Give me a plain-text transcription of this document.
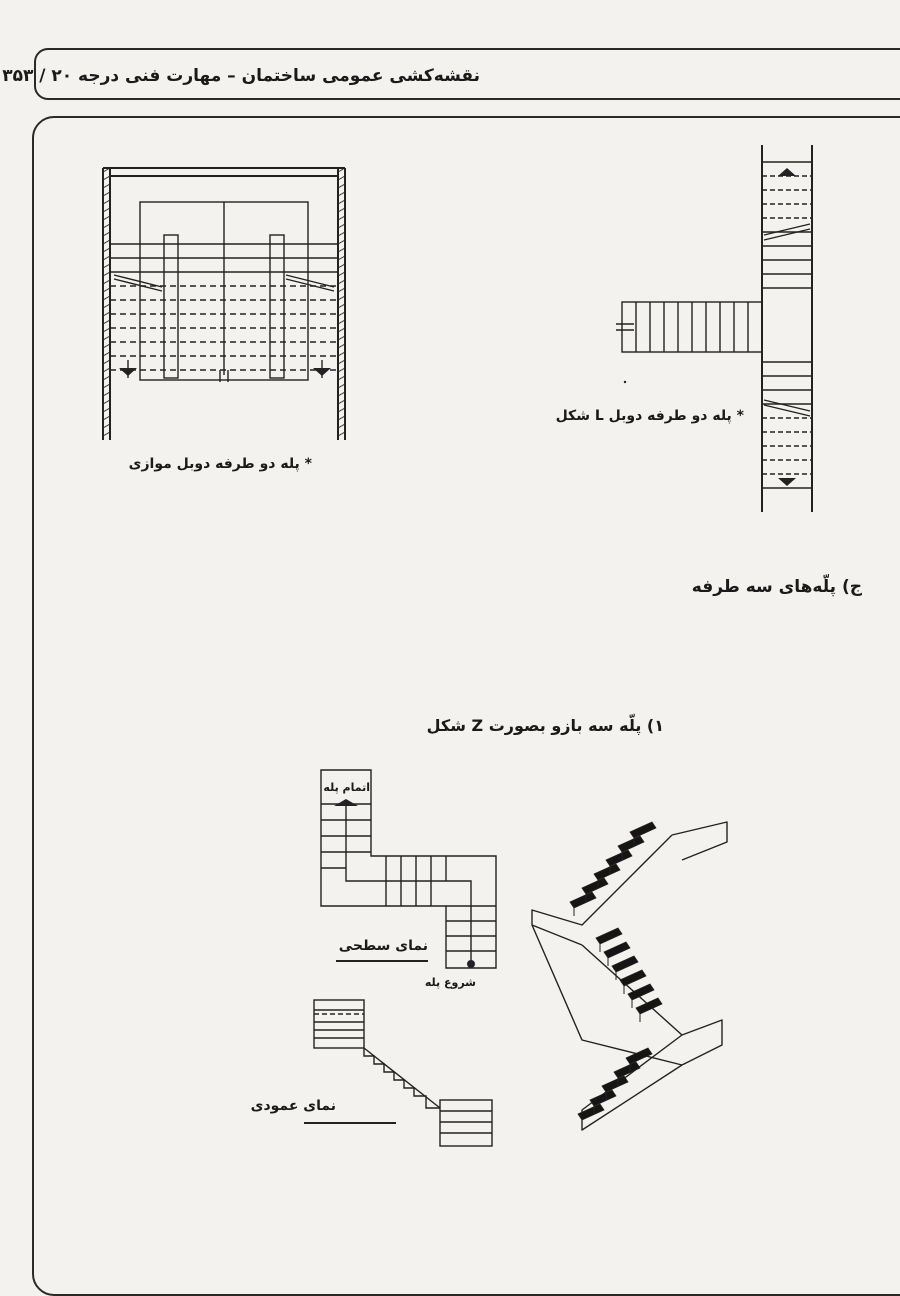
نقشه‌کشی عمومی ساختمان – مهارت فنی درجه ۲۰ / ۳۵۳
* پله دو طرفه دوبل موازی
* پله دو طرفه دوبل L شکل
ج) پلّه‌های سه طرفه
۱) پلّه سه بازو بصورت Z شکل
اتمام پله
شروع پله
نمای سطحی
نمای عمودی
